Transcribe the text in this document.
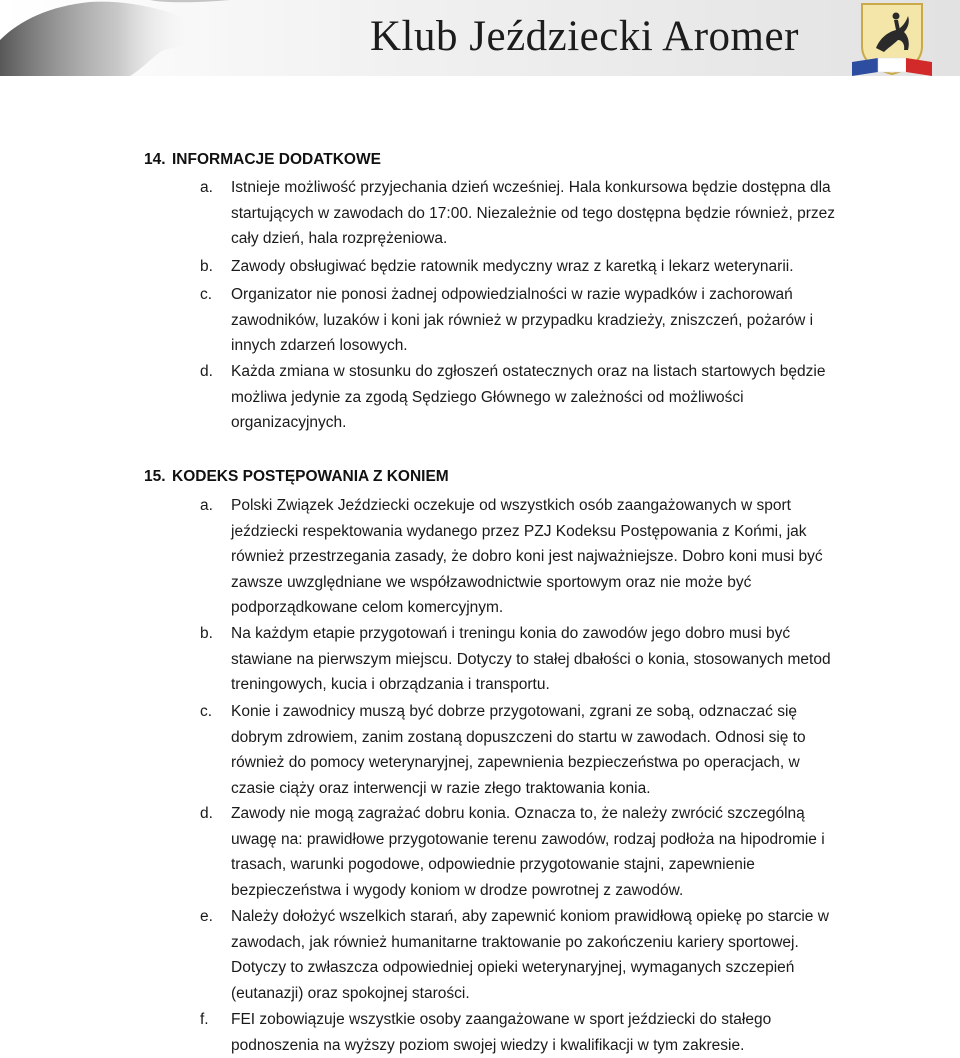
Klub Jeździecki Aromer
14. INFORMACJE DODATKOWE
a.	Istnieje możliwość przyjechania dzień wcześniej. Hala konkursowa będzie dostępna dla startujących w zawodach do 17:00. Niezależnie od tego dostępna będzie również, przez cały dzień, hala rozprężeniowa.
b.	Zawody obsługiwać będzie ratownik medyczny wraz z karetką i lekarz weterynarii.
c.	Organizator nie ponosi żadnej odpowiedzialności w razie wypadków i zachorowań zawodników, luzaków i koni jak również w przypadku kradzieży, zniszczeń, pożarów i innych zdarzeń losowych.
d.	Każda zmiana w stosunku do zgłoszeń ostatecznych oraz na listach startowych będzie możliwa jedynie za zgodą Sędziego Głównego w zależności od możliwości organizacyjnych.
15. KODEKS POSTĘPOWANIA Z KONIEM
a.	Polski Związek Jeździecki oczekuje od wszystkich osób zaangażowanych w sport jeździecki respektowania wydanego przez PZJ Kodeksu Postępowania z Końmi, jak również przestrzegania zasady, że dobro koni jest najważniejsze. Dobro koni musi być zawsze uwzględniane we współzawodnictwie sportowym oraz nie może być podporządkowane celom komercyjnym.
b.	Na każdym etapie przygotowań i treningu konia do zawodów jego dobro musi być stawiane na pierwszym miejscu. Dotyczy to stałej dbałości o konia, stosowanych metod treningowych, kucia i obrządzania i transportu.
c.	Konie i zawodnicy muszą być dobrze przygotowani, zgrani ze sobą, odznaczać się dobrym zdrowiem, zanim zostaną dopuszczeni do startu w zawodach. Odnosi się to również do pomocy weterynaryjnej, zapewnienia bezpieczeństwa po operacjach, w czasie ciąży oraz interwencji w razie złego traktowania konia.
d.	Zawody nie mogą zagrażać dobru konia. Oznacza to, że należy zwrócić szczególną uwagę na: prawidłowe przygotowanie terenu zawodów, rodzaj podłoża na hipodromie i trasach, warunki pogodowe, odpowiednie przygotowanie stajni, zapewnienie bezpieczeństwa i wygody koniom w drodze powrotnej z zawodów.
e.	Należy dołożyć wszelkich starań, aby zapewnić koniom prawidłową opiekę po starcie w zawodach, jak również humanitarne traktowanie po zakończeniu kariery sportowej. Dotyczy to zwłaszcza odpowiedniej opieki weterynaryjnej, wymaganych szczepień (eutanazji) oraz spokojnej starości.
f.	FEI zobowiązuje wszystkie osoby zaangażowane w sport jeździecki do stałego podnoszenia na wyższy poziom swojej wiedzy i kwalifikacji w tym zakresie.
